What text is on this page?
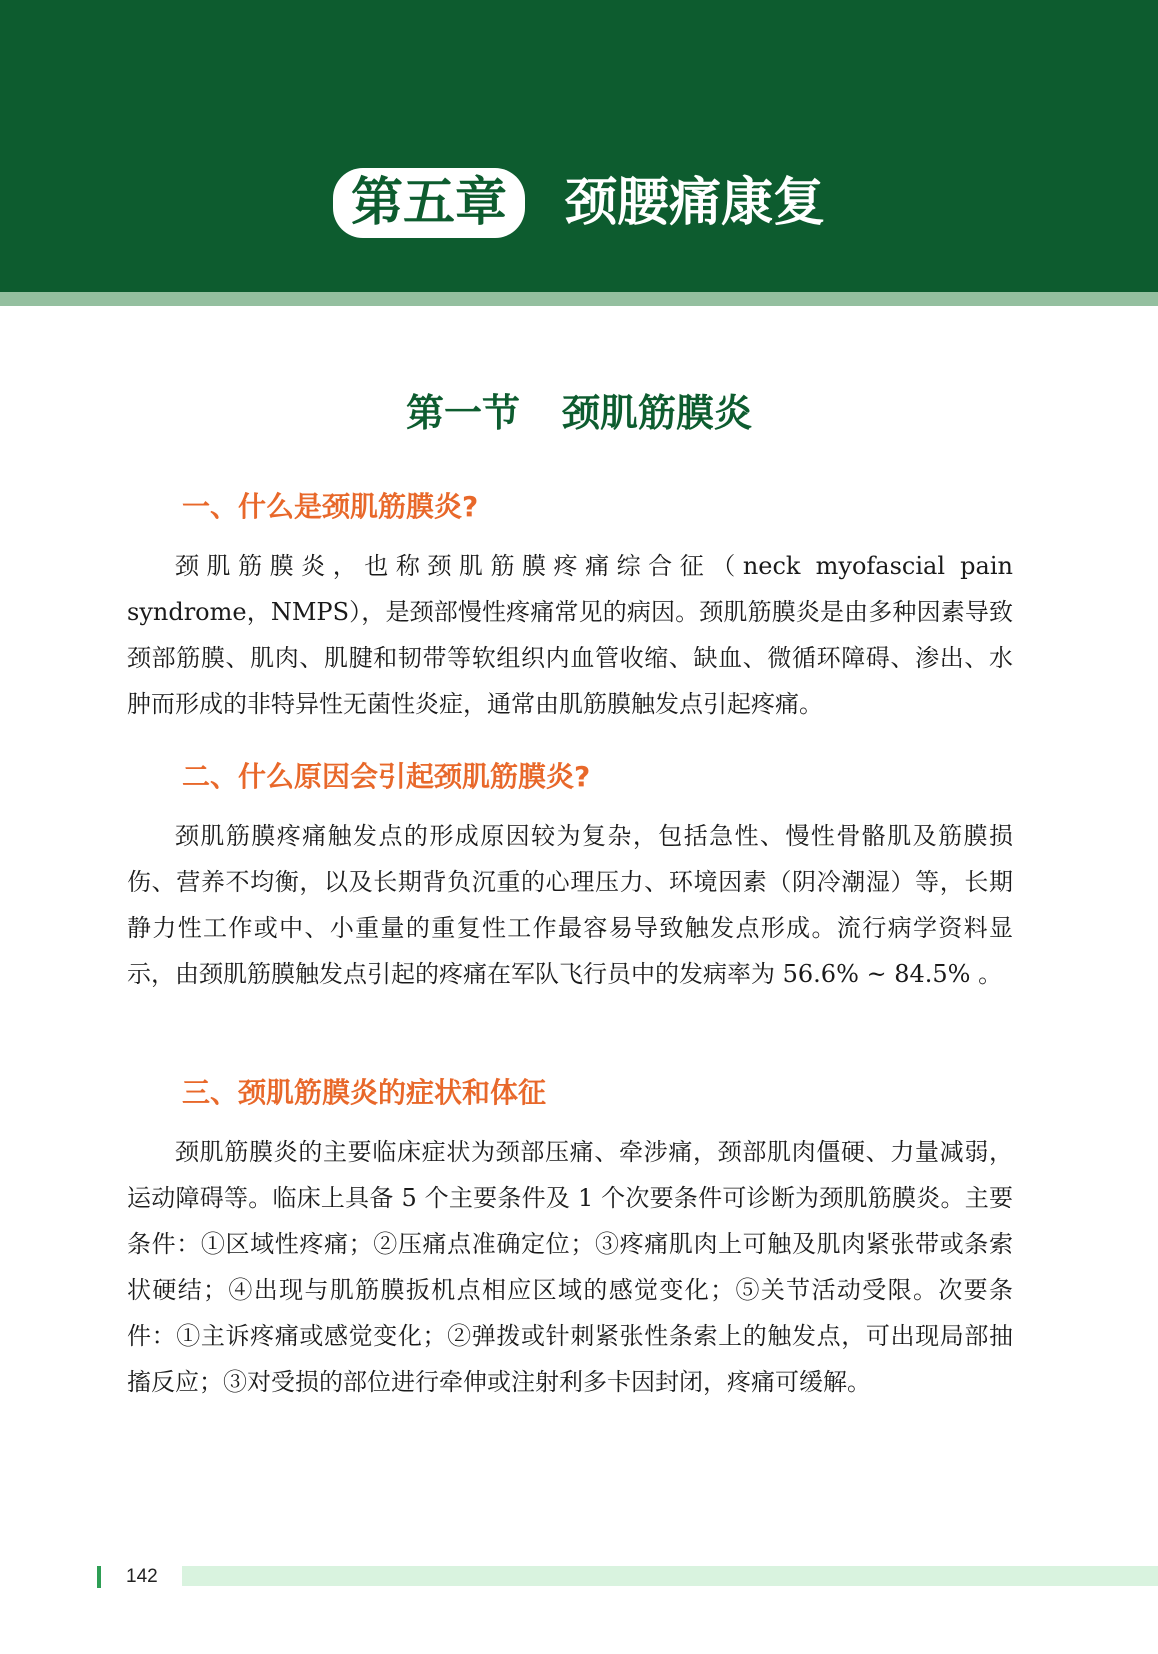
第五章 颈腰痛康复
第一节 颈肌筋膜炎
一、什么是颈肌筋膜炎?

颈肌筋膜炎，也称颈肌筋膜疼痛综合征（neck myofascial pain syndrome，NMPS），是颈部慢性疼痛常见的病因。颈肌筋膜炎是由多种因素导致颈部筋膜、肌肉、肌腱和韧带等软组织内血管收缩、缺血、微循环障碍、渗出、水肿而形成的非特异性无菌性炎症，通常由肌筋膜触发点引起疼痛。

二、什么原因会引起颈肌筋膜炎?

颈肌筋膜疼痛触发点的形成原因较为复杂，包括急性、慢性骨骼肌及筋膜损伤、营养不均衡，以及长期背负沉重的心理压力、环境因素（阴冷潮湿）等，长期静力性工作或中、小重量的重复性工作最容易导致触发点形成。流行病学资料显示，由颈肌筋膜触发点引起的疼痛在军队飞行员中的发病率为 56.6% ~ 84.5% 。

三、颈肌筋膜炎的症状和体征

颈肌筋膜炎的主要临床症状为颈部压痛、牵涉痛，颈部肌肉僵硬、力量减弱，运动障碍等。临床上具备 5 个主要条件及 1 个次要条件可诊断为颈肌筋膜炎。主要条件：①区域性疼痛；②压痛点准确定位；③疼痛肌肉上可触及肌肉紧张带或条索状硬结；④出现与肌筋膜扳机点相应区域的感觉变化；⑤关节活动受限。次要条件：①主诉疼痛或感觉变化；②弹拨或针刺紧张性条索上的触发点，可出现局部抽搐反应；③对受损的部位进行牵伸或注射利多卡因封闭，疼痛可缓解。

142
